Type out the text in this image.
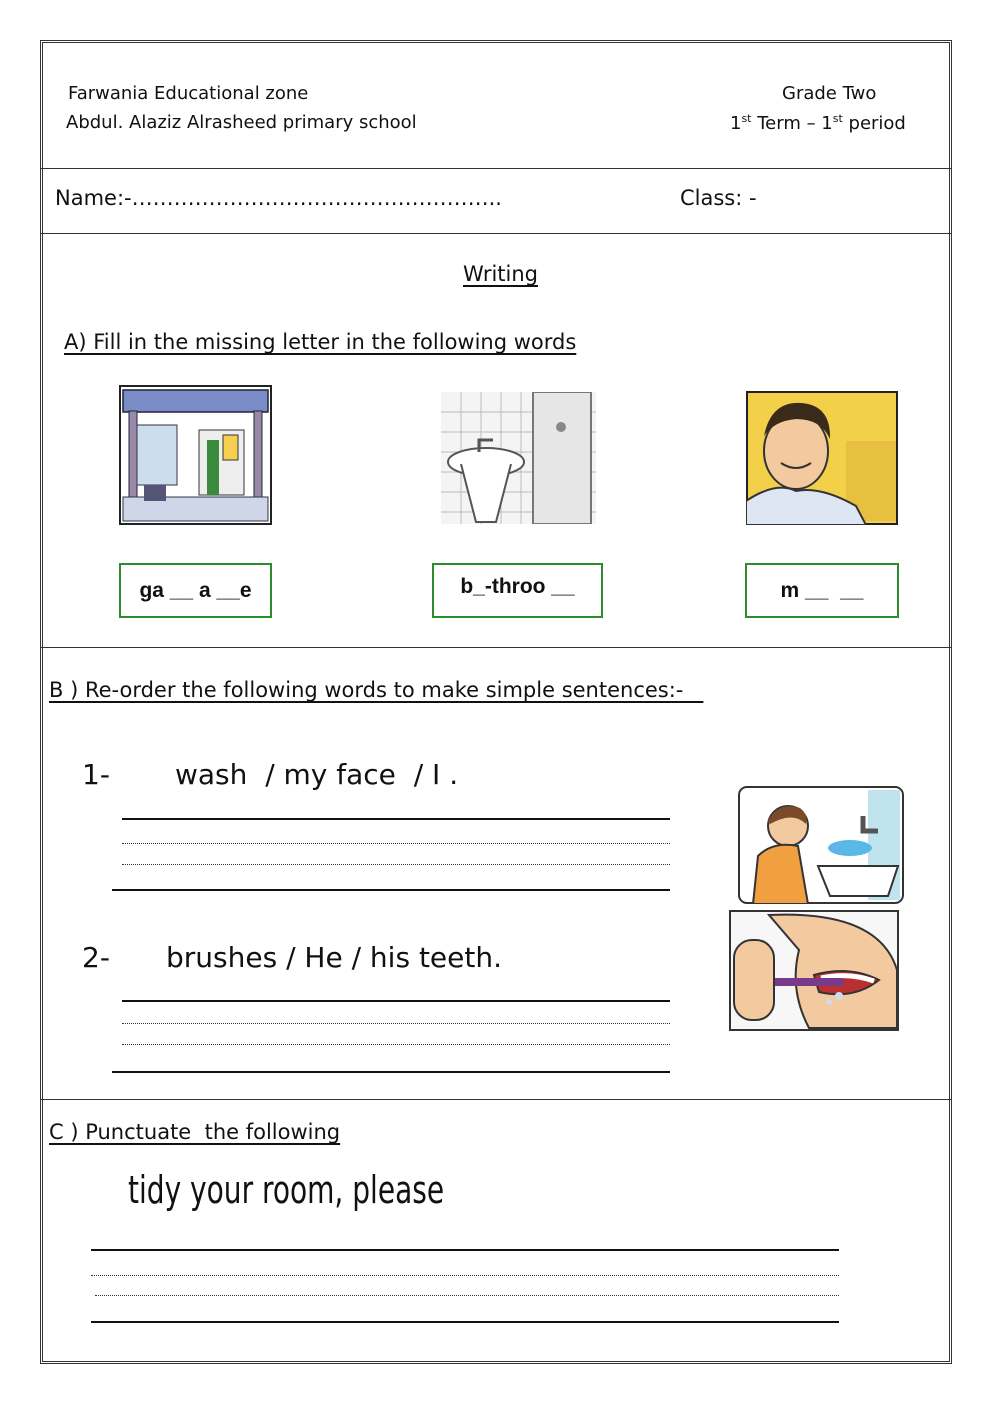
Farwania Educational zone
Abdul. Alaziz Alrasheed primary school
Grade Two
1st Term – 1st period
Name:-……………………………………………..	Class: -
Writing
A) Fill in the missing letter in the following words
ga __ a __e	b_-throo __	m __  __
B ) Re-order the following words to make simple sentences:-
1- wash  / my face  / I .
2- brushes / He / his teeth.
C ) Punctuate  the following
tidy your room, please
